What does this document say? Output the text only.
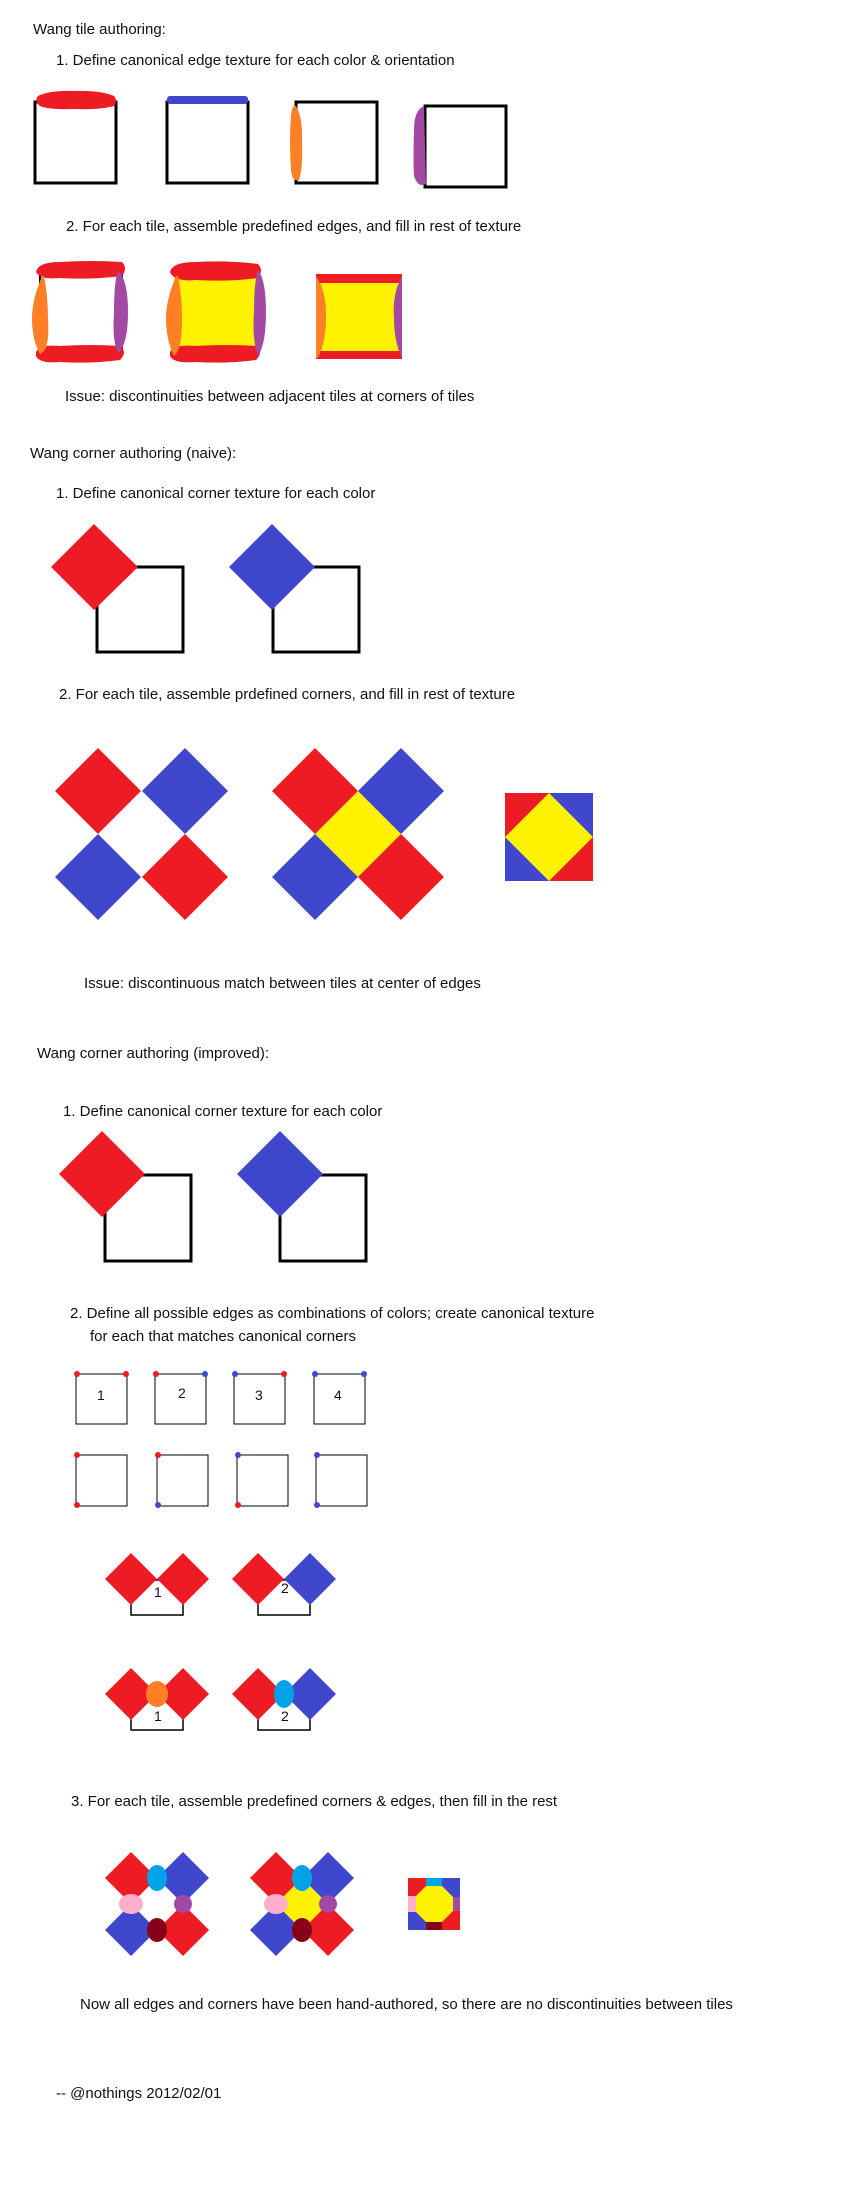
Wang tile authoring:
1. Define canonical edge texture for each color & orientation
2. For each tile, assemble predefined edges, and fill in rest of texture
Issue: discontinuities between adjacent tiles at corners of tiles
Wang corner authoring (naive):
1. Define canonical corner texture for each color
2. For each tile, assemble prdefined corners, and fill in rest of texture
Issue: discontinuous match between tiles at center of edges
Wang corner authoring (improved):
1. Define canonical corner texture for each color
2. Define all possible edges as combinations of colors; create canonical texture
for each that matches canonical corners
3. For each tile, assemble predefined corners & edges, then fill in the rest
Now all edges and corners have been hand-authored, so there are no discontinuities between tiles
-- @nothings 2012/02/01
1	2	3	4
1	2
1	2
